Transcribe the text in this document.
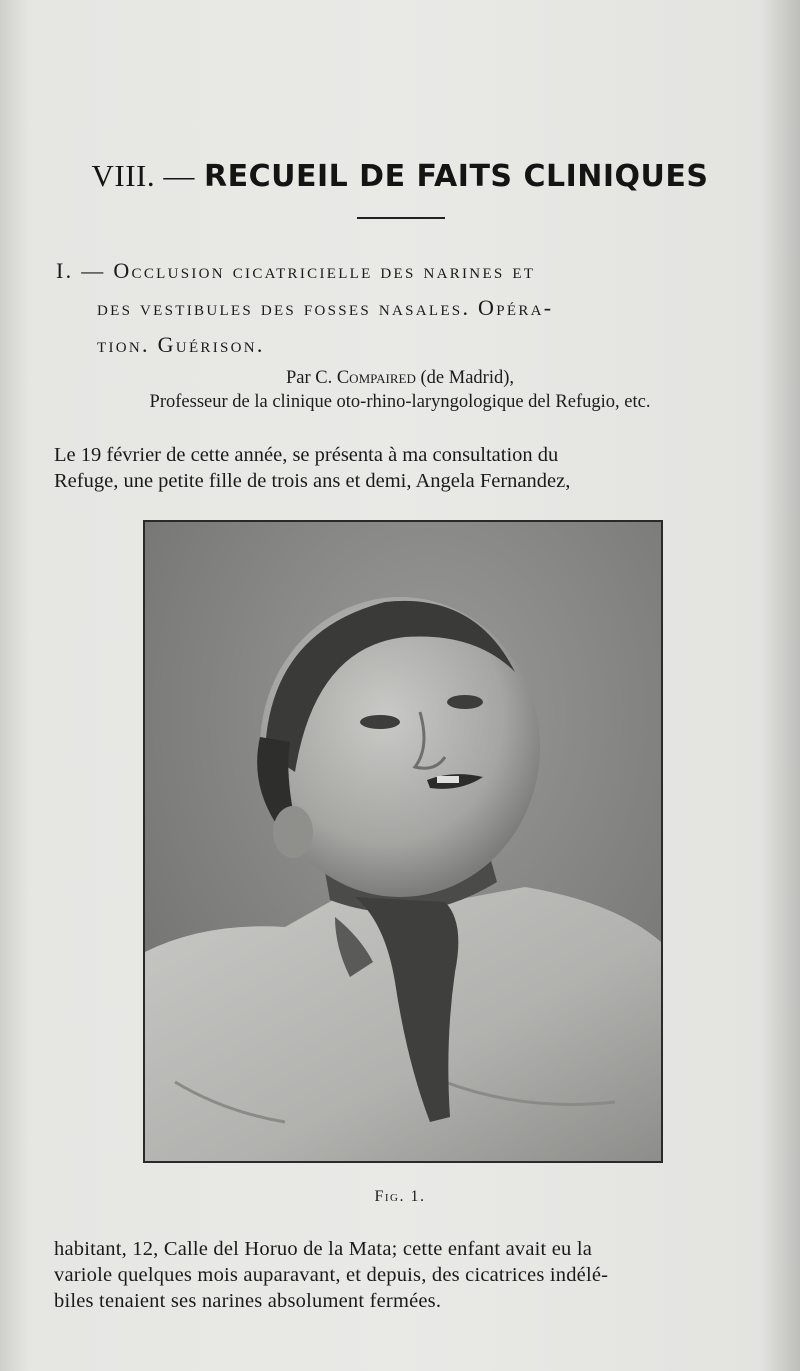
VIII. — RECUEIL DE FAITS CLINIQUES
I. — Occlusion cicatricielle des narines et
des vestibules des fosses nasales. Opéra-
tion. Guérison.
Par C. Compaired (de Madrid),
Professeur de la clinique oto-rhino-laryngologique del Refugio, etc.
Le 19 février de cette année, se présenta à ma consultation du
Refuge, une petite fille de trois ans et demi, Angela Fernandez,
Fig. 1.
habitant, 12, Calle del Horuo de la Mata; cette enfant avait eu la
variole quelques mois auparavant, et depuis, des cicatrices indélé-
biles tenaient ses narines absolument fermées.
